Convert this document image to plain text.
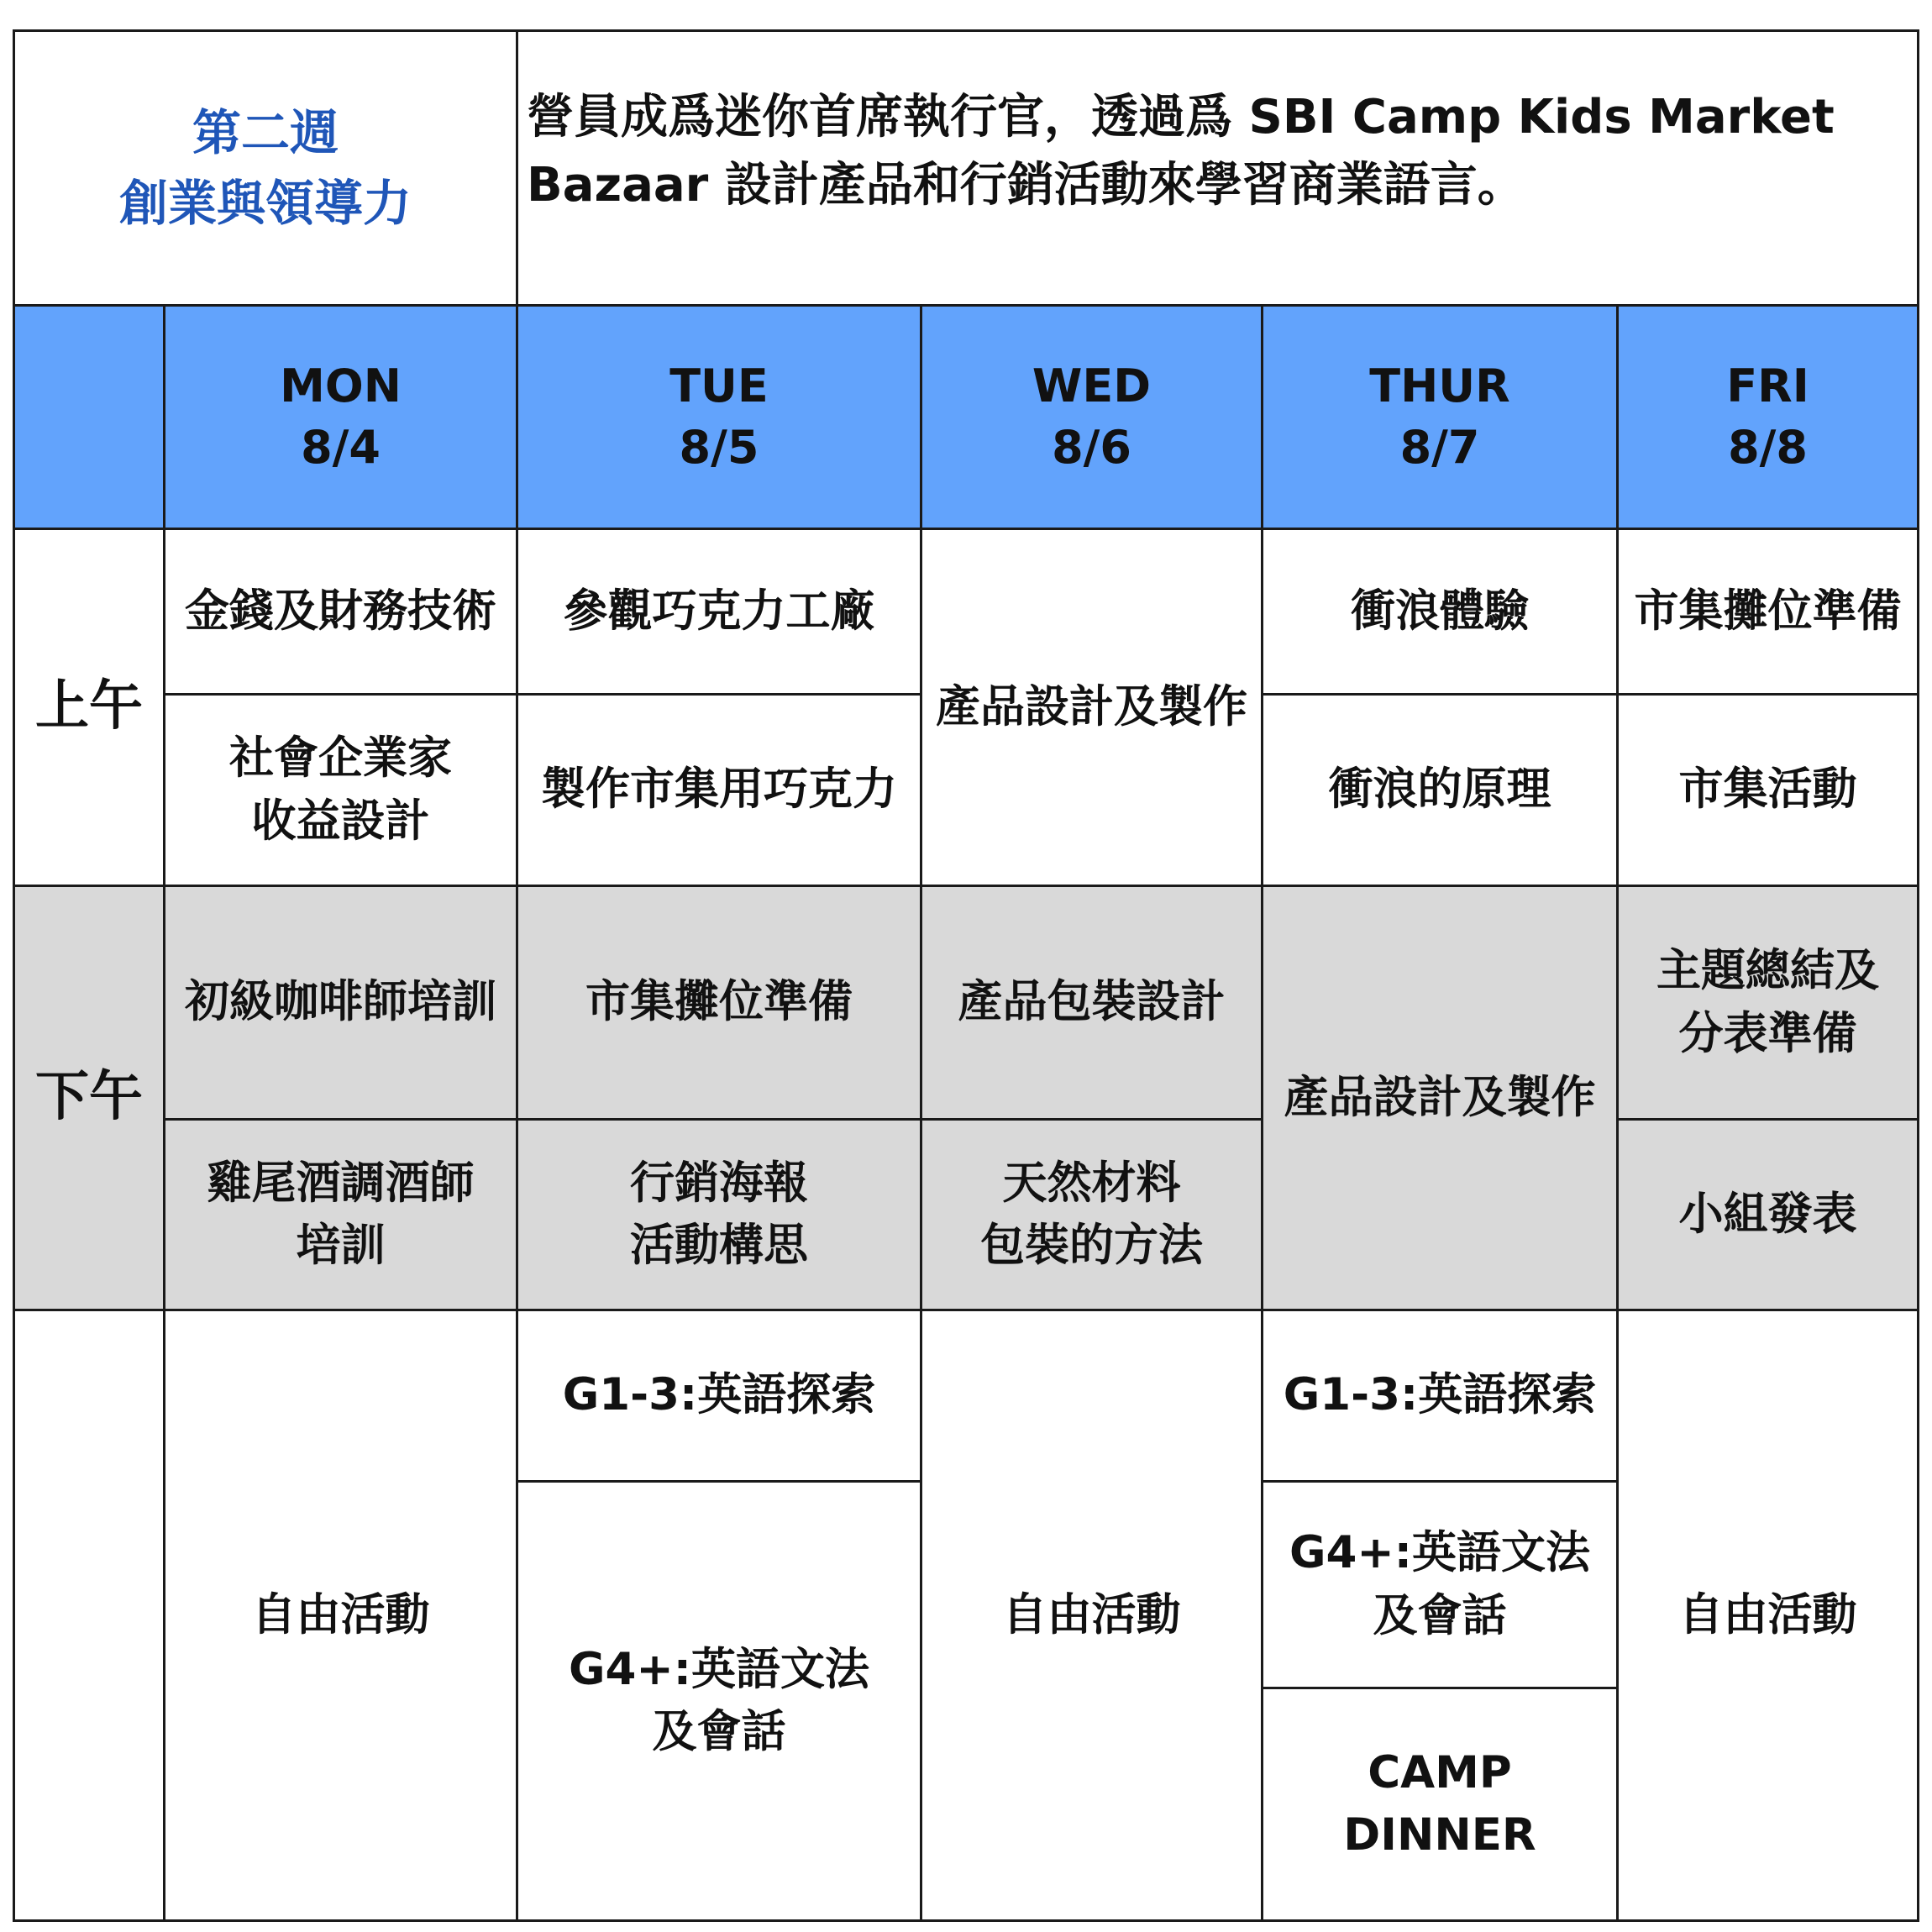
第二週
創業與領導力
營員成爲迷你首席執行官，透過爲 SBI Camp Kids Market
Bazaar 設計產品和行銷活動來學習商業語言。
MON
8/4
TUE
8/5
WED
8/6
THUR
8/7
FRI
8/8
上午
金錢及財務技術
社會企業家
收益設計
參觀巧克力工廠
製作市集用巧克力
產品設計及製作
衝浪體驗
衝浪的原理
市集攤位準備
市集活動
下午
初級咖啡師培訓
雞尾酒調酒師
培訓
市集攤位準備
行銷海報
活動構思
產品包裝設計
天然材料
包裝的方法
產品設計及製作
主題總結及
分表準備
小組發表
自由活動
G1-3:英語探索
G4+:英語文法
及會話
自由活動
G1-3:英語探索
G4+:英語文法
及會話
CAMP
DINNER
自由活動
